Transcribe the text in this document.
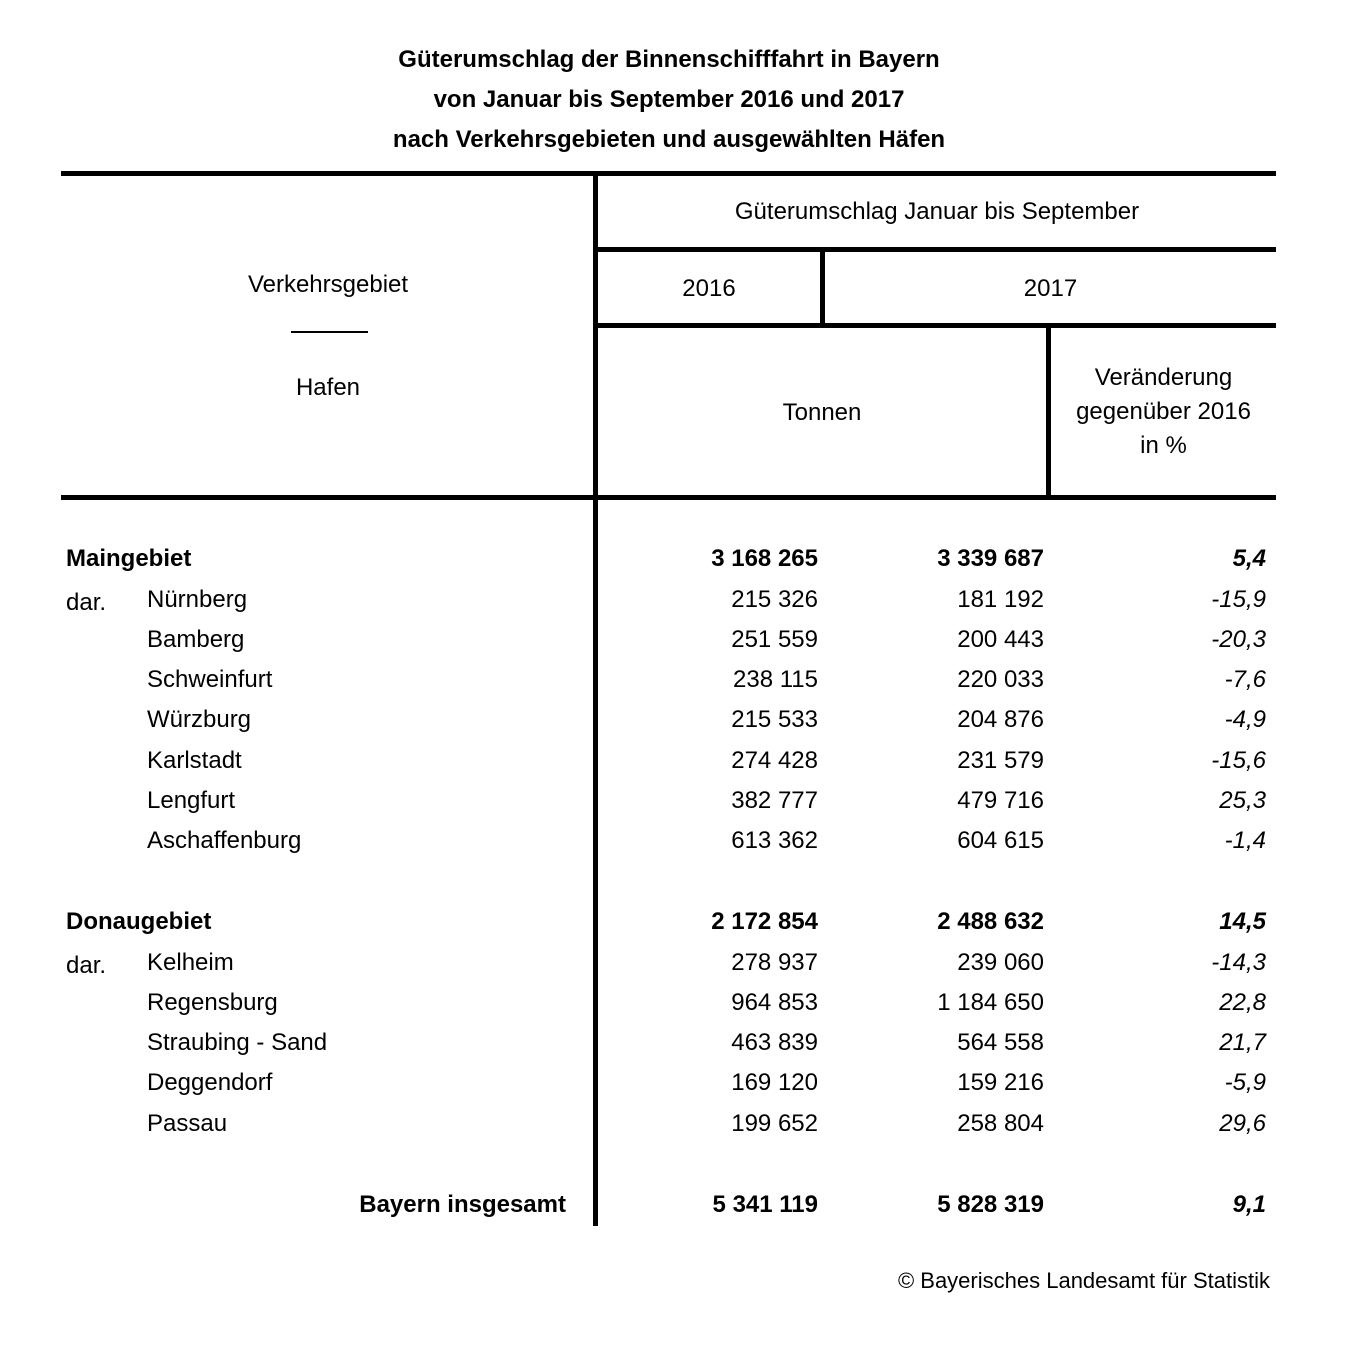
Güterumschlag der Binnenschifffahrt in Bayern
von Januar bis September 2016 und 2017
nach Verkehrsgebieten und ausgewählten Häfen
Verkehrsgebiet
Hafen
Güterumschlag Januar bis September
2016	2017
Tonnen
Veränderung
gegenüber 2016
in %
Maingebiet	3 168 265	3 339 687	5,4
dar. Nürnberg	215 326	181 192	-15,9
Bamberg	251 559	200 443	-20,3
Schweinfurt	238 115	220 033	-7,6
Würzburg	215 533	204 876	-4,9
Karlstadt	274 428	231 579	-15,6
Lengfurt	382 777	479 716	25,3
Aschaffenburg	613 362	604 615	-1,4
Donaugebiet	2 172 854	2 488 632	14,5
dar. Kelheim	278 937	239 060	-14,3
Regensburg	964 853	1 184 650	22,8
Straubing - Sand	463 839	564 558	21,7
Deggendorf	169 120	159 216	-5,9
Passau	199 652	258 804	29,6
Bayern insgesamt	5 341 119	5 828 319	9,1
© Bayerisches Landesamt für Statistik
